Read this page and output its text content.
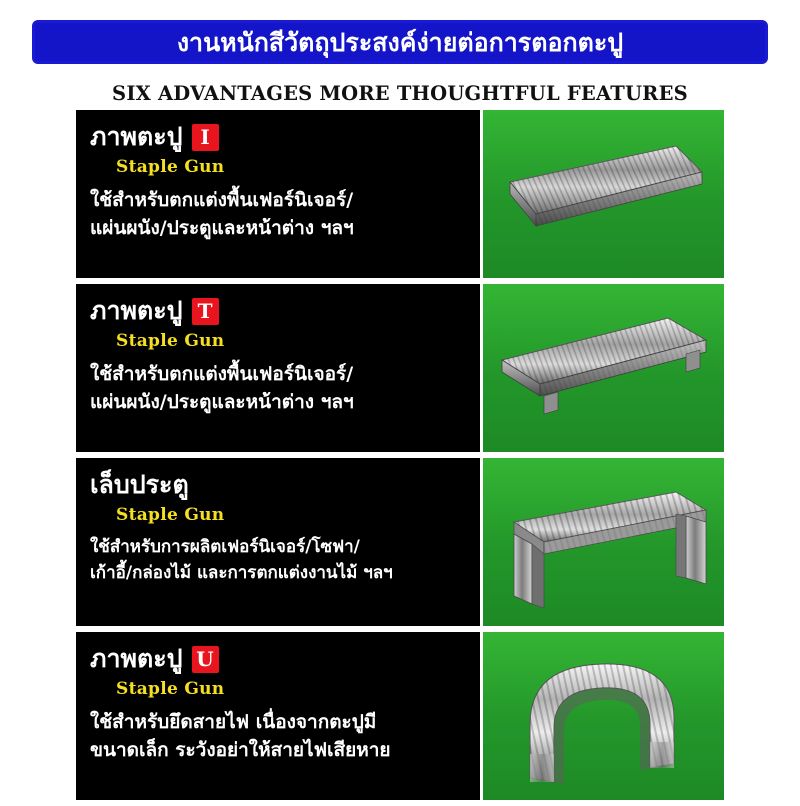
งานหนักสีวัตถุประสงค์ง่ายต่อการตอกตะปู
SIX ADVANTAGES MORE THOUGHTFUL FEATURES
ภาพตะปู I
Staple Gun
ใช้สำหรับตกแต่งพื้นเฟอร์นิเจอร์/
แผ่นผนัง/ประตูและหน้าต่าง ฯลฯ
ภาพตะปู T
Staple Gun
ใช้สำหรับตกแต่งพื้นเฟอร์นิเจอร์/
แผ่นผนัง/ประตูและหน้าต่าง ฯลฯ
เล็บประตู
Staple Gun
ใช้สำหรับการผลิตเฟอร์นิเจอร์/โซฟา/
เก้าอี้/กล่องไม้ และการตกแต่งงานไม้ ฯลฯ
ภาพตะปู U
Staple Gun
ใช้สำหรับยึดสายไฟ เนื่องจากตะปูมี
ขนาดเล็ก ระวังอย่าให้สายไฟเสียหาย
